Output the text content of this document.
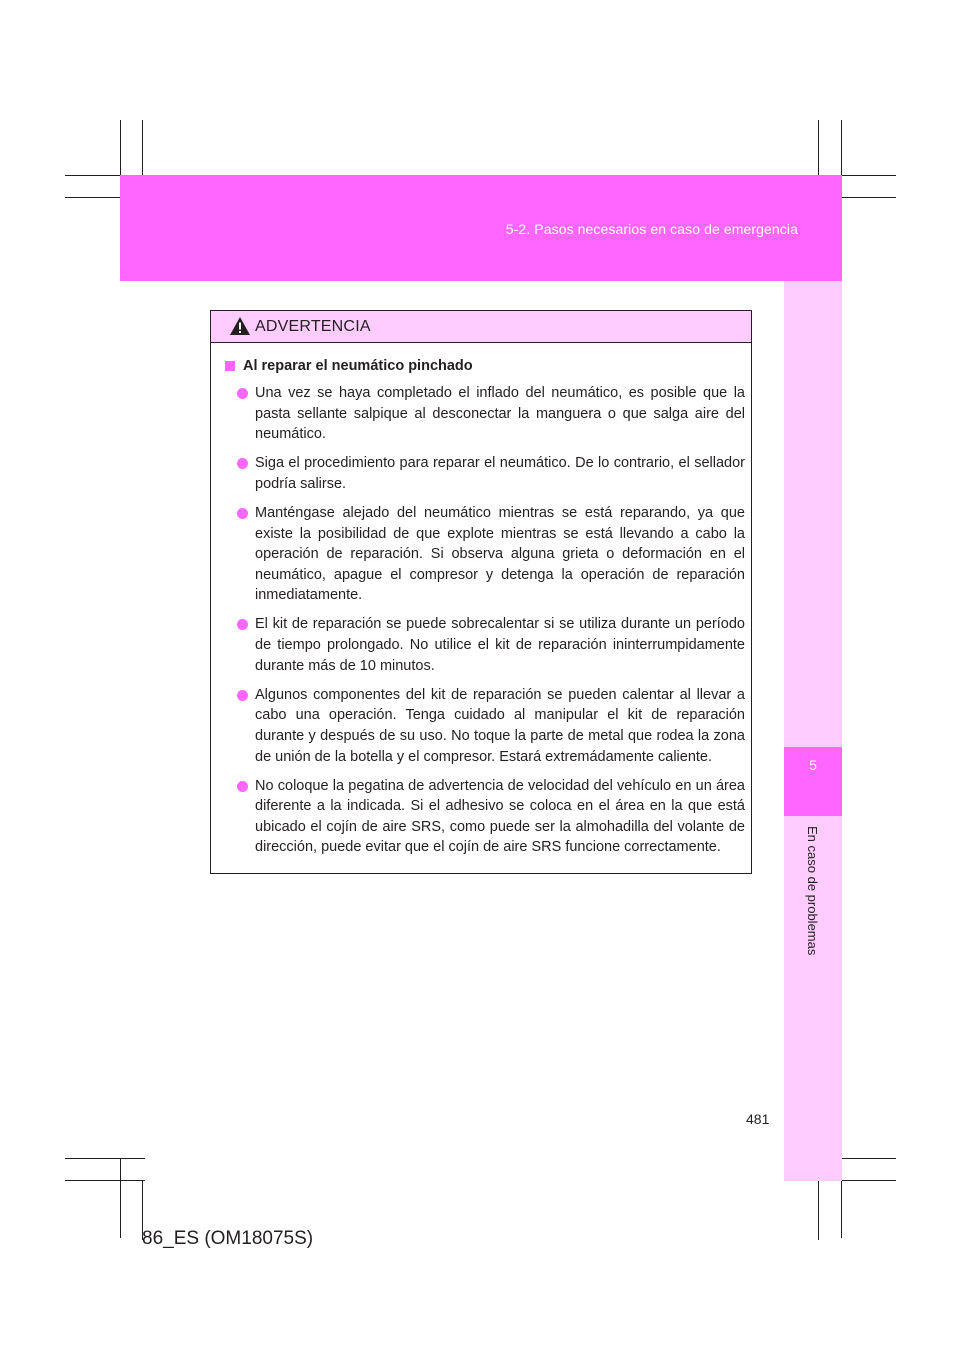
5-2. Pasos necesarios en caso de emergencia
5
En caso de problemas
ADVERTENCIA
Al reparar el neumático pinchado
Una vez se haya completado el inflado del neumático, es posible que la pasta sellante salpique al desconectar la manguera o que salga aire del neumático.
Siga el procedimiento para reparar el neumático. De lo contrario, el sellador podría salirse.
Manténgase alejado del neumático mientras se está reparando, ya que existe la posibilidad de que explote mientras se está llevando a cabo la operación de reparación. Si observa alguna grieta o deformación en el neumático, apague el compresor y detenga la operación de reparación inmediatamente.
El kit de reparación se puede sobrecalentar si se utiliza durante un período de tiempo prolongado. No utilice el kit de reparación ininterrumpidamente durante más de 10 minutos.
Algunos componentes del kit de reparación se pueden calentar al llevar a cabo una operación. Tenga cuidado al manipular el kit de reparación durante y después de su uso. No toque la parte de metal que rodea la zona de unión de la botella y el compresor. Estará extremádamente caliente.
No coloque la pegatina de advertencia de velocidad del vehículo en un área diferente a la indicada. Si el adhesivo se coloca en el área en la que está ubicado el cojín de aire SRS, como puede ser la almohadilla del volante de dirección, puede evitar que el cojín de aire SRS funcione correctamente.
481
86_ES (OM18075S)
